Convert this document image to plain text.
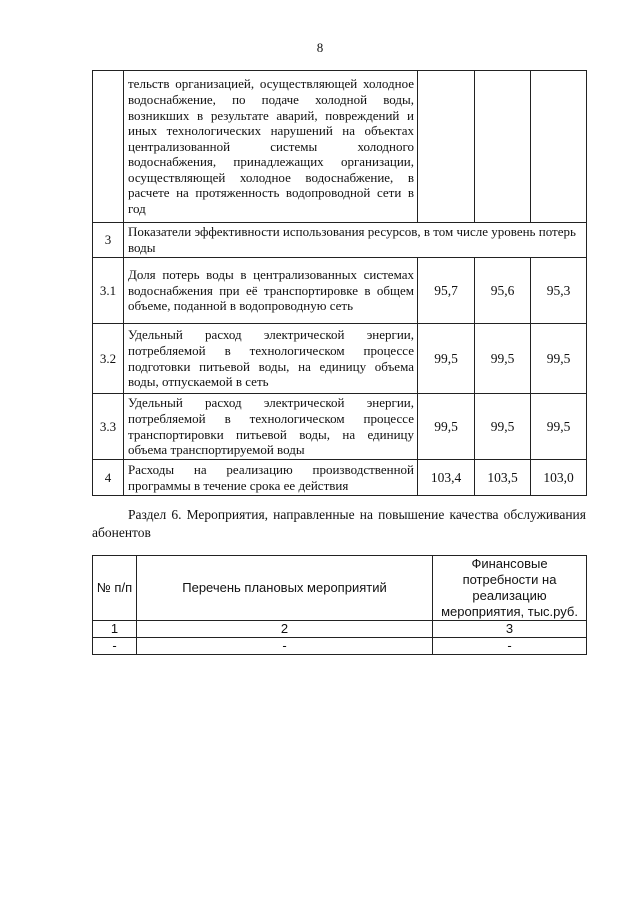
8
	тельств организацией, осуществляющей холодное водоснабжение, по подаче холодной воды, возникших в результате аварий, повреждений и иных технологических нарушений на объектах централизованной системы холодного водоснабжения, принадлежащих организации, осуществляющей холодное водоснабжение, в расчете на протяженность водопроводной сети в год			
3	Показатели эффективности использования ресурсов, в том числе уровень потерь воды			
3.1	Доля потерь воды в централизованных системах водоснабжения при её транспортировке в общем объеме, поданной в водопроводную сеть	95,7	95,6	95,3
3.2	Удельный расход электрической энергии, потребляемой в технологическом процессе подготовки питьевой воды, на единицу объема воды, отпускаемой в сеть	99,5	99,5	99,5
3.3	Удельный расход электрической энергии, потребляемой в технологическом процессе транспортировки питьевой воды, на единицу объема транспортируемой воды	99,5	99,5	99,5
4	Расходы на реализацию производственной программы в течение срока ее действия	103,4	103,5	103,0
Раздел 6. Мероприятия, направленные на повышение качества обслуживания абонентов
№ п/п	Перечень плановых мероприятий	Финансовые потребности на реализацию мероприятия, тыс.руб.
1	2	3
-	-	-
